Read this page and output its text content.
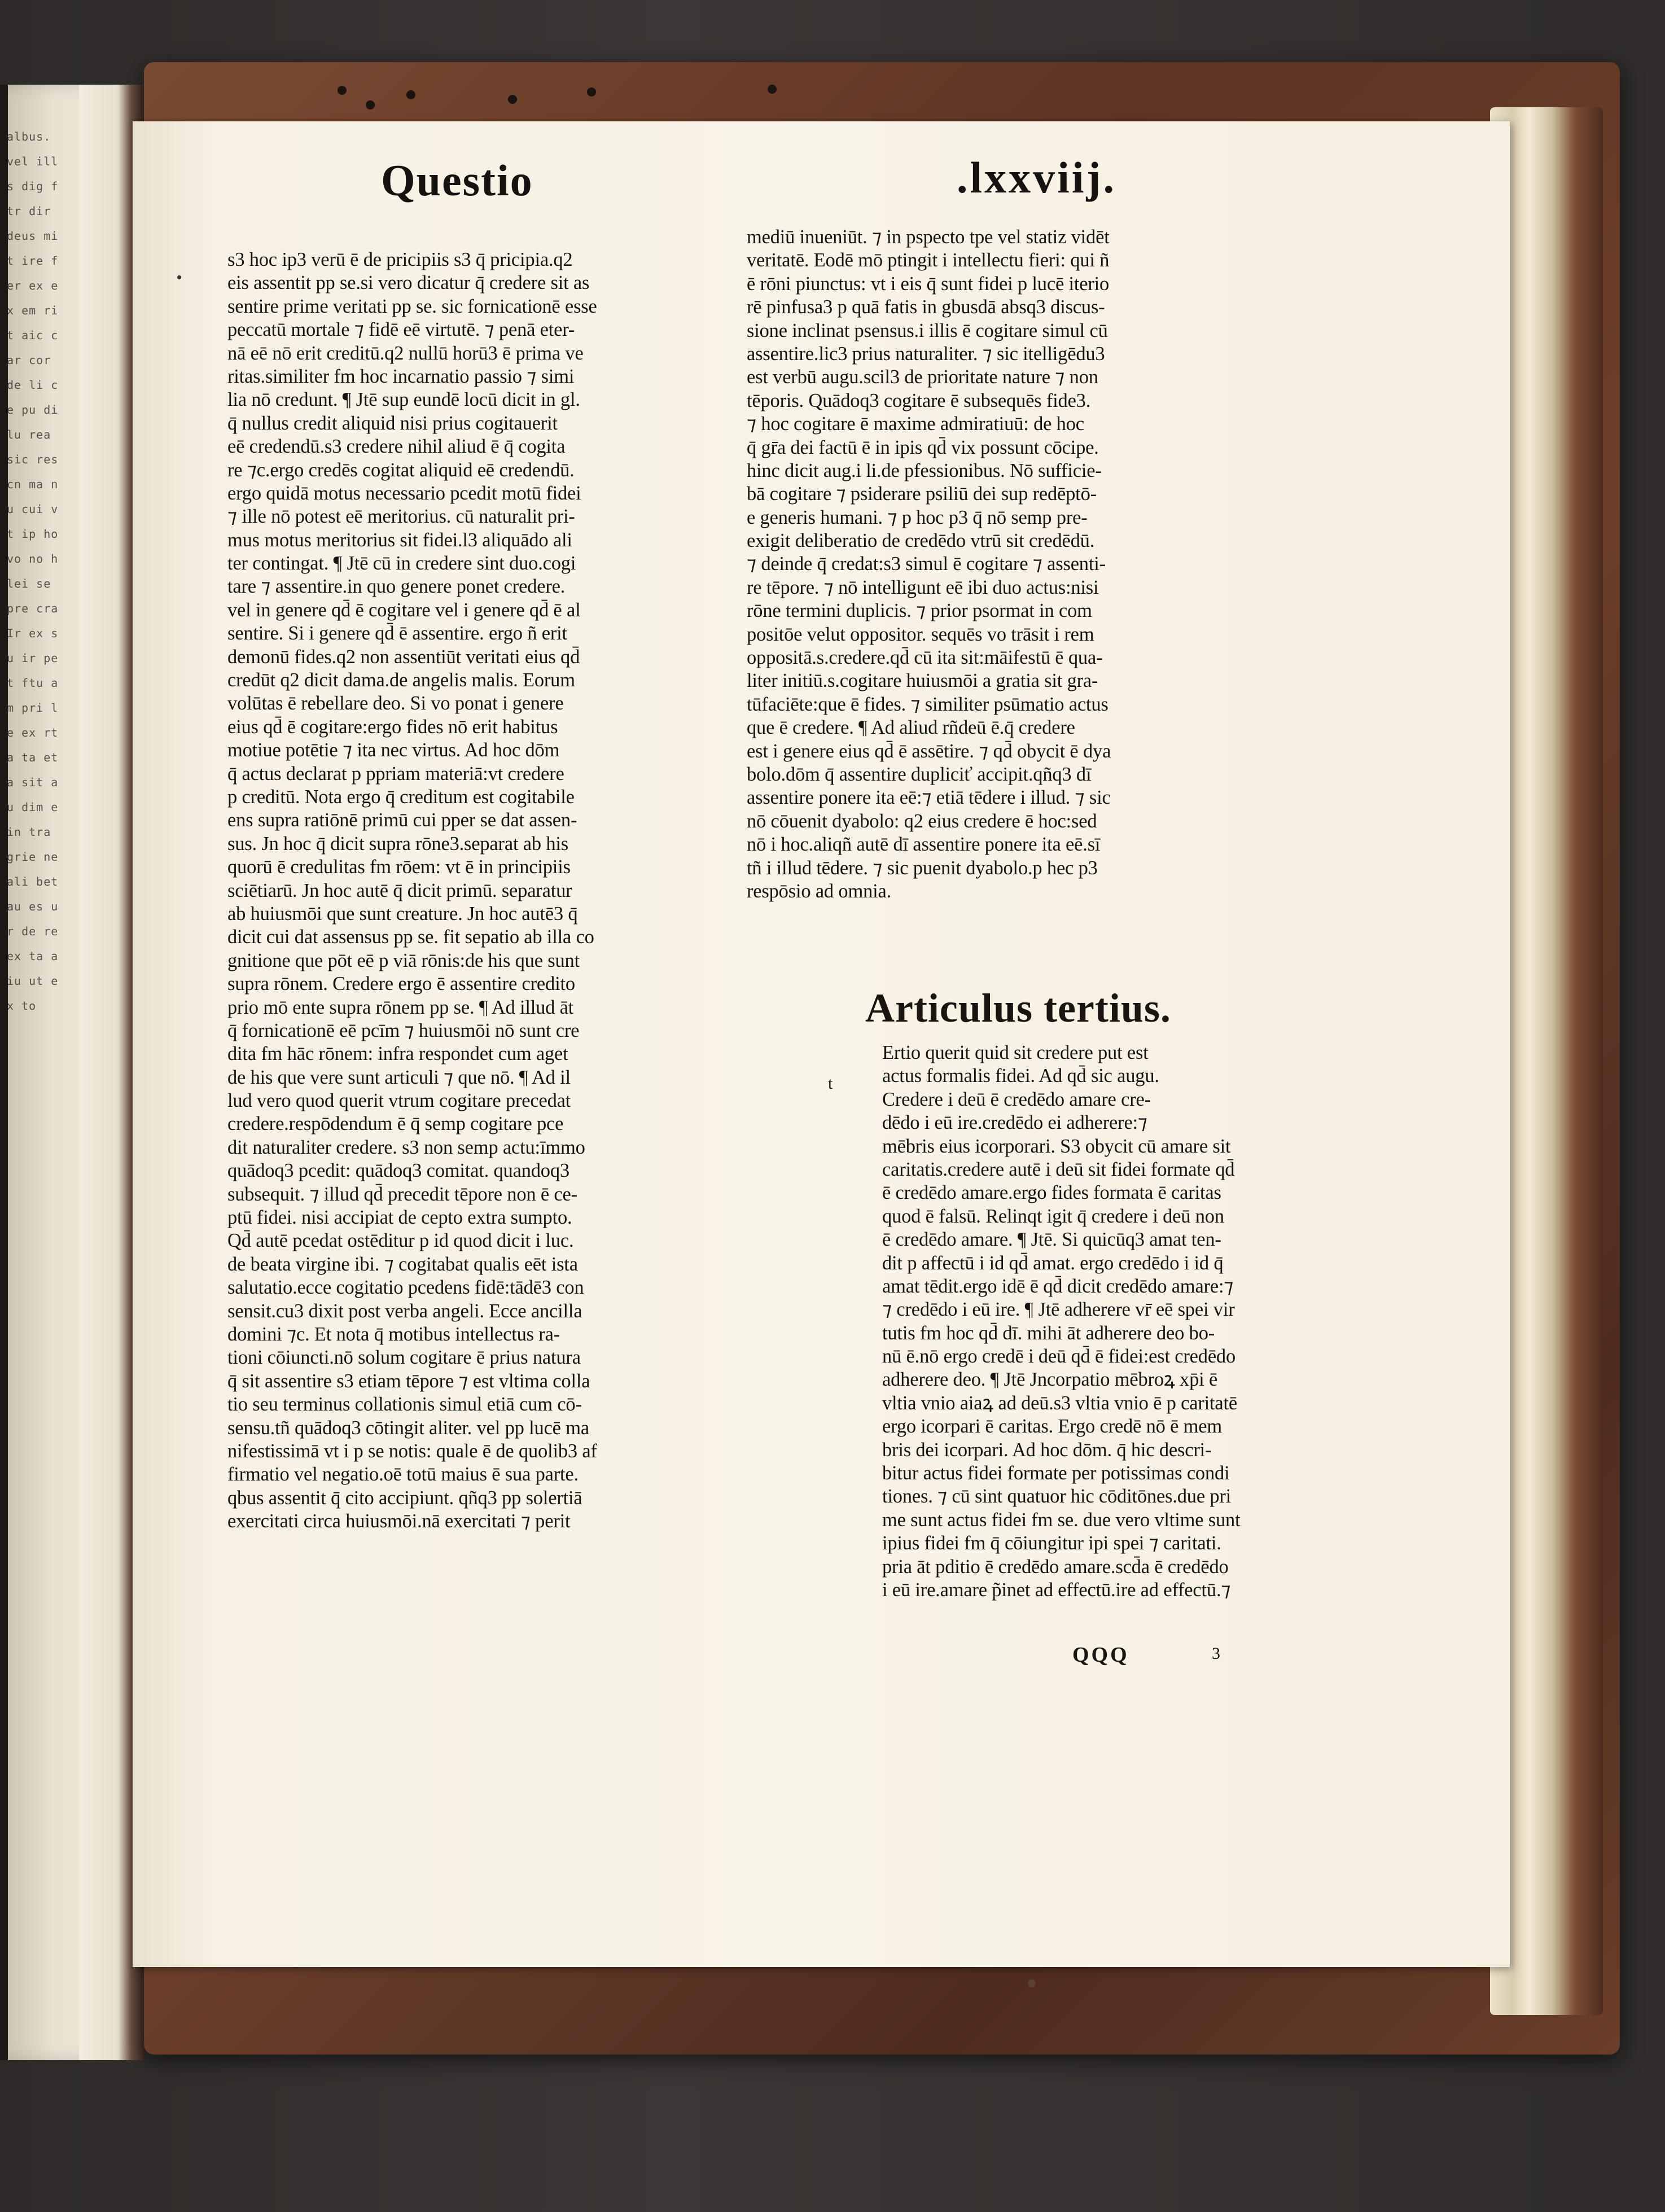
albus. vel ills dig ftr dir deus mit ire fer ex ex em rit aic car cor de li ce pu di lu rea sic res cn ma nu cui vt ip ho vo no h lei se pre cra Ir ex su ir pet ftu a m pri le ex rta ta eta sit au dim ein tra grie ne ali bet au es ur de re ex ta aiu ut ex to
Questio	.lxxviij.
•
s3 hoc ip3 verū ē de pricipiis s3 q̄ pricipia.q2
eis assentit pp se.si vero dicatur q̄ credere sit as
sentire prime veritati pp se. sic fornicationē esse
peccatū mortale ⁊ fidē eē virtutē. ⁊ penā eter-
nā eē nō erit creditū.q2 nullū horū3 ē prima ve
ritas.similiter fm hoc incarnatio passio ⁊ simi
lia nō credunt. ¶ Jtē sup eundē locū dicit in gl.
q̄ nullus credit aliquid nisi prius cogitauerit
eē credendū.s3 credere nihil aliud ē q̄ cogita
re ⁊c.ergo credēs cogitat aliquid eē credendū.
ergo quidā motus necessario pcedit motū fidei
⁊ ille nō potest eē meritorius. cū naturalit pri-
mus motus meritorius sit fidei.l3 aliquādo ali
ter contingat. ¶ Jtē cū in credere sint duo.cogi
tare ⁊ assentire.in quo genere ponet credere.
vel in genere qd̄ ē cogitare vel i genere qd̄ ē al
sentire. Si i genere qd̄ ē assentire. ergo ñ erit
demonū fides.q2 non assentiūt veritati eius qd̄
credūt q2 dicit dama.de angelis malis. Eorum
volūtas ē rebellare deo. Si vo ponat i genere
eius qd̄ ē cogitare:ergo fides nō erit habitus
motiue potētie ⁊ ita nec virtus. Ad hoc dōm
q̄ actus declarat p ppriam materiā:vt credere
p creditū. Nota ergo q̄ creditum est cogitabile
ens supra ratiōnē primū cui pper se dat assen-
sus. Jn hoc q̄ dicit supra rōne3.separat ab his
quorū ē credulitas fm rōem: vt ē in principiis
sciētiarū. Jn hoc autē q̄ dicit primū. separatur
ab huiusmōi que sunt creature. Jn hoc autē3 q̄
dicit cui dat assensus pp se. fit sepatio ab illa co
gnitione que pōt eē p viā rōnis:de his que sunt
supra rōnem. Credere ergo ē assentire credito
prio mō ente supra rōnem pp se. ¶ Ad illud āt
q̄ fornicationē eē pcīm ⁊ huiusmōi nō sunt cre
dita fm hāc rōnem: infra respondet cum aget
de his que vere sunt articuli ⁊ que nō. ¶ Ad il
lud vero quod querit vtrum cogitare precedat
credere.respōdendum ē q̄ semp cogitare pce
dit naturaliter credere. s3 non semp actu:īmmo
quādoq3 pcedit: quādoq3 comitat. quandoq3
subsequit. ⁊ illud qd̄ precedit tēpore non ē ce-
ptū fidei. nisi accipiat de cepto extra sumpto.
Qd̄ autē pcedat ostēditur p id quod dicit i luc.
de beata virgine ibi. ⁊ cogitabat qualis eēt ista
salutatio.ecce cogitatio pcedens fidē:tādē3 con
sensit.cu3 dixit post verba angeli. Ecce ancilla
domini ⁊c. Et nota q̄ motibus intellectus ra-
tioni cōiuncti.nō solum cogitare ē prius natura
q̄ sit assentire s3 etiam tēpore ⁊ est vltima colla
tio seu terminus collationis simul etiā cum cō-
sensu.tñ quādoq3 cōtingit aliter. vel pp lucē ma
nifestissimā vt i p se notis: quale ē de quolib3 af
firmatio vel negatio.oē totū maius ē sua parte.
qbus assentit q̄ cito accipiunt. qñq3 pp solertiā
exercitati circa huiusmōi.nā exercitati ⁊ perit
mediū inueniūt. ⁊ in pspecto tpe vel statiz vidēt
veritatē. Eodē mō ptingit i intellectu fieri: qui ñ
ē rōni piunctus: vt i eis q̄ sunt fidei p lucē iterio
rē pinfusa3 p quā fatis in gbusdā absq3 discus-
sione inclinat psensus.i illis ē cogitare simul cū
assentire.lic3 prius naturaliter. ⁊ sic itelligēdu3
est verbū augu.scil3 de prioritate nature ⁊ non
tēporis. Quādoq3 cogitare ē subsequēs fide3.
⁊ hoc cogitare ē maxime admiratiuū: de hoc
q̄ gr̄a dei factū ē in ipis qd̄ vix possunt cōcipe.
hinc dicit aug.i li.de pfessionibus. Nō sufficie-
bā cogitare ⁊ psiderare psiliū dei sup redēptō-
e generis humani. ⁊ p hoc p3 q̄ nō semp pre-
exigit deliberatio de credēdo vtrū sit credēdū.
⁊ deinde q̄ credat:s3 simul ē cogitare ⁊ assenti-
re tēpore. ⁊ nō intelligunt eē ibi duo actus:nisi
rōne termini duplicis. ⁊ prior psormat in com
positōe velut oppositor. sequēs vo trāsit i rem
oppositā.s.credere.qd̄ cū ita sit:māifestū ē qua-
liter initiū.s.cogitare huiusmōi a gratia sit gra-
tūfaciēte:que ē fides. ⁊ similiter psūmatio actus
que ē credere. ¶ Ad aliud rñdeū ē.q̄ credere
est i genere eius qd̄ ē assētire. ⁊ qd̄ obycit ē dya
bolo.dōm q̄ assentire dupliciť accipit.qñq3 dī
assentire ponere ita eē:⁊ etiā tēdere i illud. ⁊ sic
nō cōuenit dyabolo: q2 eius credere ē hoc:sed
nō i hoc.aliqñ autē dī assentire ponere ita eē.sī
tñ i illud tēdere. ⁊ sic puenit dyabolo.p hec p3
respōsio ad omnia.
Articulus tertius.
t
Ertio querit quid sit credere put est
actus formalis fidei. Ad qd̄ sic augu.
Credere i deū ē credēdo amare cre-
dēdo i eū ire.credēdo ei adherere:⁊
mēbris eius icorporari. S3 obycit cū amare sit
caritatis.credere autē i deū sit fidei formate qd̄
ē credēdo amare.ergo fides formata ē caritas
quod ē falsū. Relinqt igit q̄ credere i deū non
ē credēdo amare. ¶ Jtē. Si quicūq3 amat ten-
dit p affectū i id qd̄ amat. ergo credēdo i id q̄
amat tēdit.ergo idē ē qd̄ dicit credēdo amare:⁊
⁊ credēdo i eū ire. ¶ Jtē adherere vr̄ eē spei vir
tutis fm hoc qd̄ dī. mihi āt adherere deo bo-
nū ē.nō ergo credē i deū qd̄ ē fidei:est credēdo
adherere deo. ¶ Jtē Jncorpatio mēbroꝝ xp̄i ē
vltia vnio aiaꝝ ad deū.s3 vltia vnio ē p caritatē
ergo icorpari ē caritas. Ergo credē nō ē mem
bris dei icorpari. Ad hoc dōm. q̄ hic descri-
bitur actus fidei formate per potissimas condi
tiones. ⁊ cū sint quatuor hic cōditōnes.due pri
me sunt actus fidei fm se. due vero vltime sunt
ipius fidei fm q̄ cōiungitur ipi spei ⁊ caritati.
pria āt pditio ē credēdo amare.scd̄a ē credēdo
i eū ire.amare p̃inet ad effectū.ire ad effectū.⁊
QQQ	3
